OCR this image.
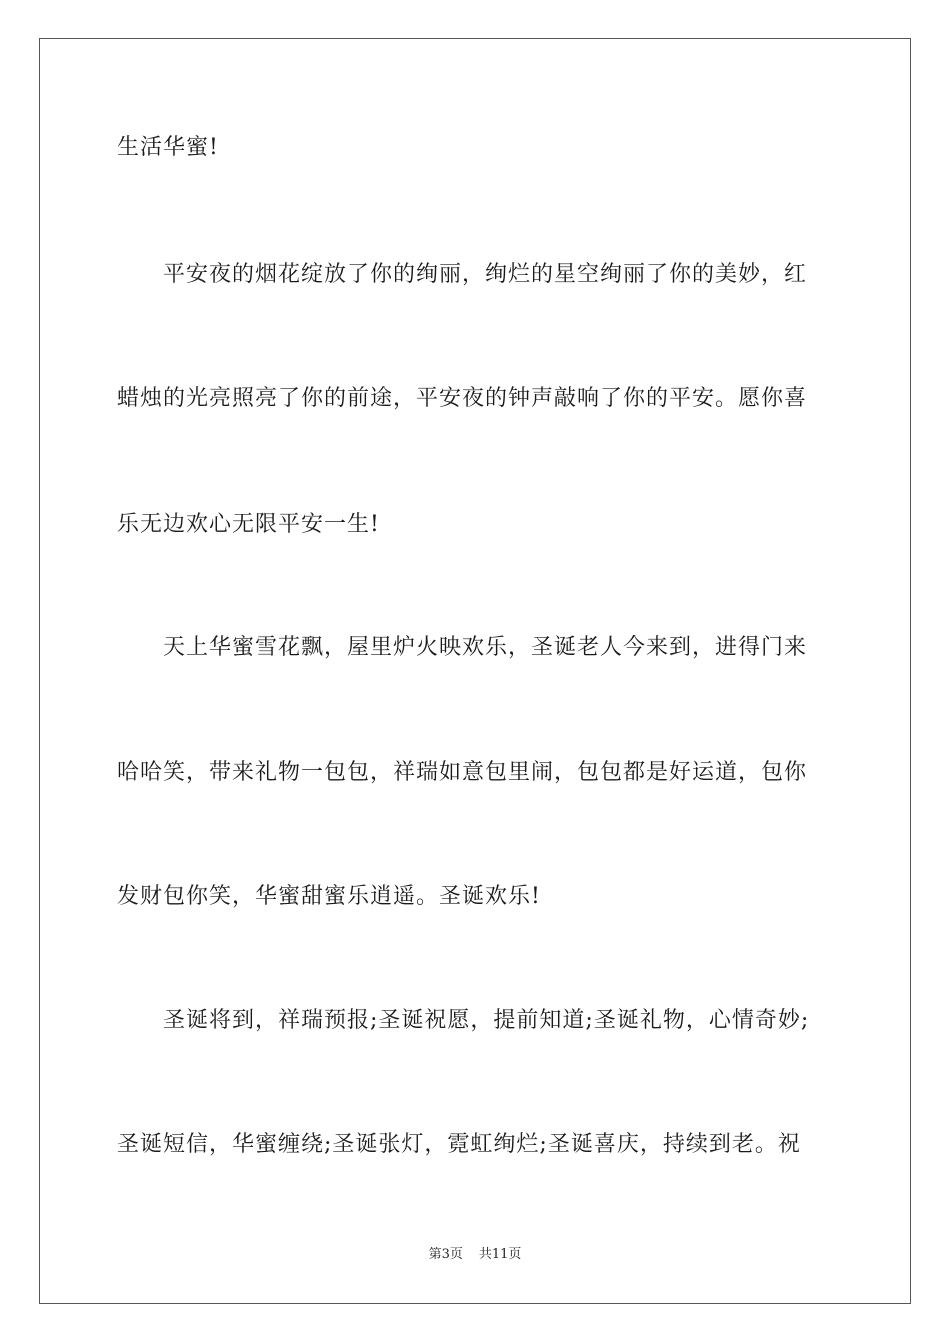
生活华蜜!
平安夜的烟花绽放了你的绚丽，绚烂的星空绚丽了你的美妙，红
蜡烛的光亮照亮了你的前途，平安夜的钟声敲响了你的平安。愿你喜
乐无边欢心无限平安一生!
天上华蜜雪花飘，屋里炉火映欢乐，圣诞老人今来到，进得门来
哈哈笑，带来礼物一包包，祥瑞如意包里闹，包包都是好运道，包你
发财包你笑，华蜜甜蜜乐逍遥。圣诞欢乐!
圣诞将到，祥瑞预报;圣诞祝愿，提前知道;圣诞礼物，心情奇妙;
圣诞短信，华蜜缠绕;圣诞张灯，霓虹绚烂;圣诞喜庆，持续到老。祝
第3页 共11页
